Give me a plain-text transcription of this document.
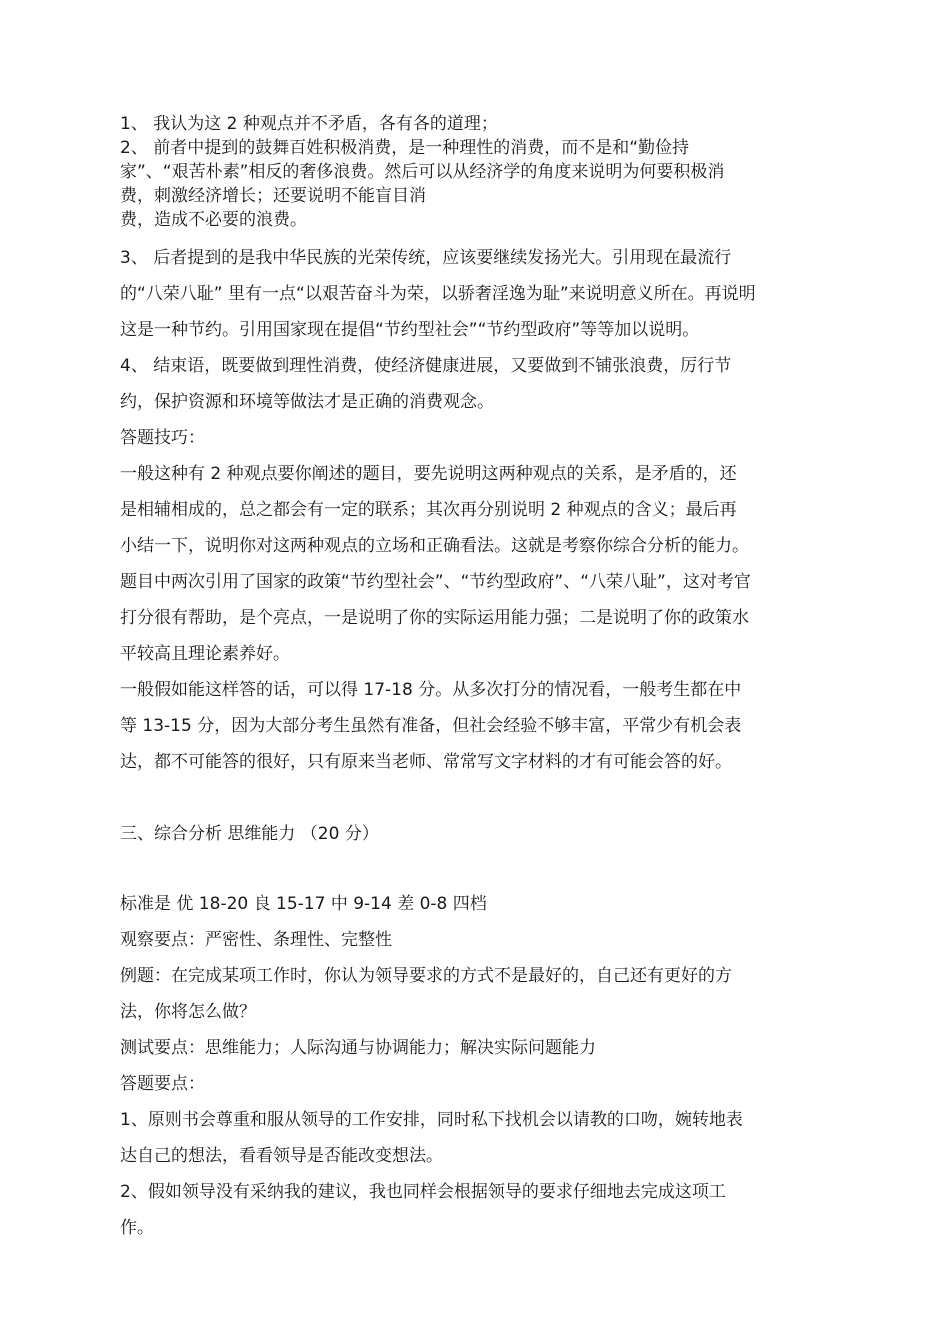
1、 我认为这 2 种观点并不矛盾，各有各的道理；

2、 前者中提到的鼓舞百姓积极消费，是一种理性的消费，而不是和“勤俭持

家”、“艰苦朴素”相反的奢侈浪费。然后可以从经济学的角度来说明为何要积极消

费，刺激经济增长；还要说明不能盲目消

费，造成不必要的浪费。

3、 后者提到的是我中华民族的光荣传统，应该要继续发扬光大。引用现在最流行

的“八荣八耻” 里有一点“以艰苦奋斗为荣，以骄奢淫逸为耻”来说明意义所在。再说明

这是一种节约。引用国家现在提倡“节约型社会”“节约型政府”等等加以说明。

4、 结束语，既要做到理性消费，使经济健康进展，又要做到不铺张浪费，厉行节

约，保护资源和环境等做法才是正确的消费观念。

答题技巧：

一般这种有 2 种观点要你阐述的题目，要先说明这两种观点的关系，是矛盾的，还

是相辅相成的，总之都会有一定的联系；其次再分别说明 2 种观点的含义；最后再

小结一下，说明你对这两种观点的立场和正确看法。这就是考察你综合分析的能力。

题目中两次引用了国家的政策“节约型社会”、“节约型政府”、“八荣八耻”，这对考官

打分很有帮助，是个亮点，一是说明了你的实际运用能力强；二是说明了你的政策水

平较高且理论素养好。

一般假如能这样答的话，可以得 17-18 分。从多次打分的情况看，一般考生都在中

等 13-15 分，因为大部分考生虽然有准备，但社会经验不够丰富，平常少有机会表

达，都不可能答的很好，只有原来当老师、常常写文字材料的才有可能会答的好。

三、综合分析 思维能力 （20 分）

标准是 优 18-20 良 15-17 中 9-14 差 0-8 四档

观察要点：严密性、条理性、完整性

例题：在完成某项工作时，你认为领导要求的方式不是最好的，自己还有更好的方

法，你将怎么做？

测试要点：思维能力；人际沟通与协调能力；解决实际问题能力

答题要点：

1、原则书会尊重和服从领导的工作安排，同时私下找机会以请教的口吻，婉转地表

达自己的想法，看看领导是否能改变想法。

2、假如领导没有采纳我的建议，我也同样会根据领导的要求仔细地去完成这项工

作。
